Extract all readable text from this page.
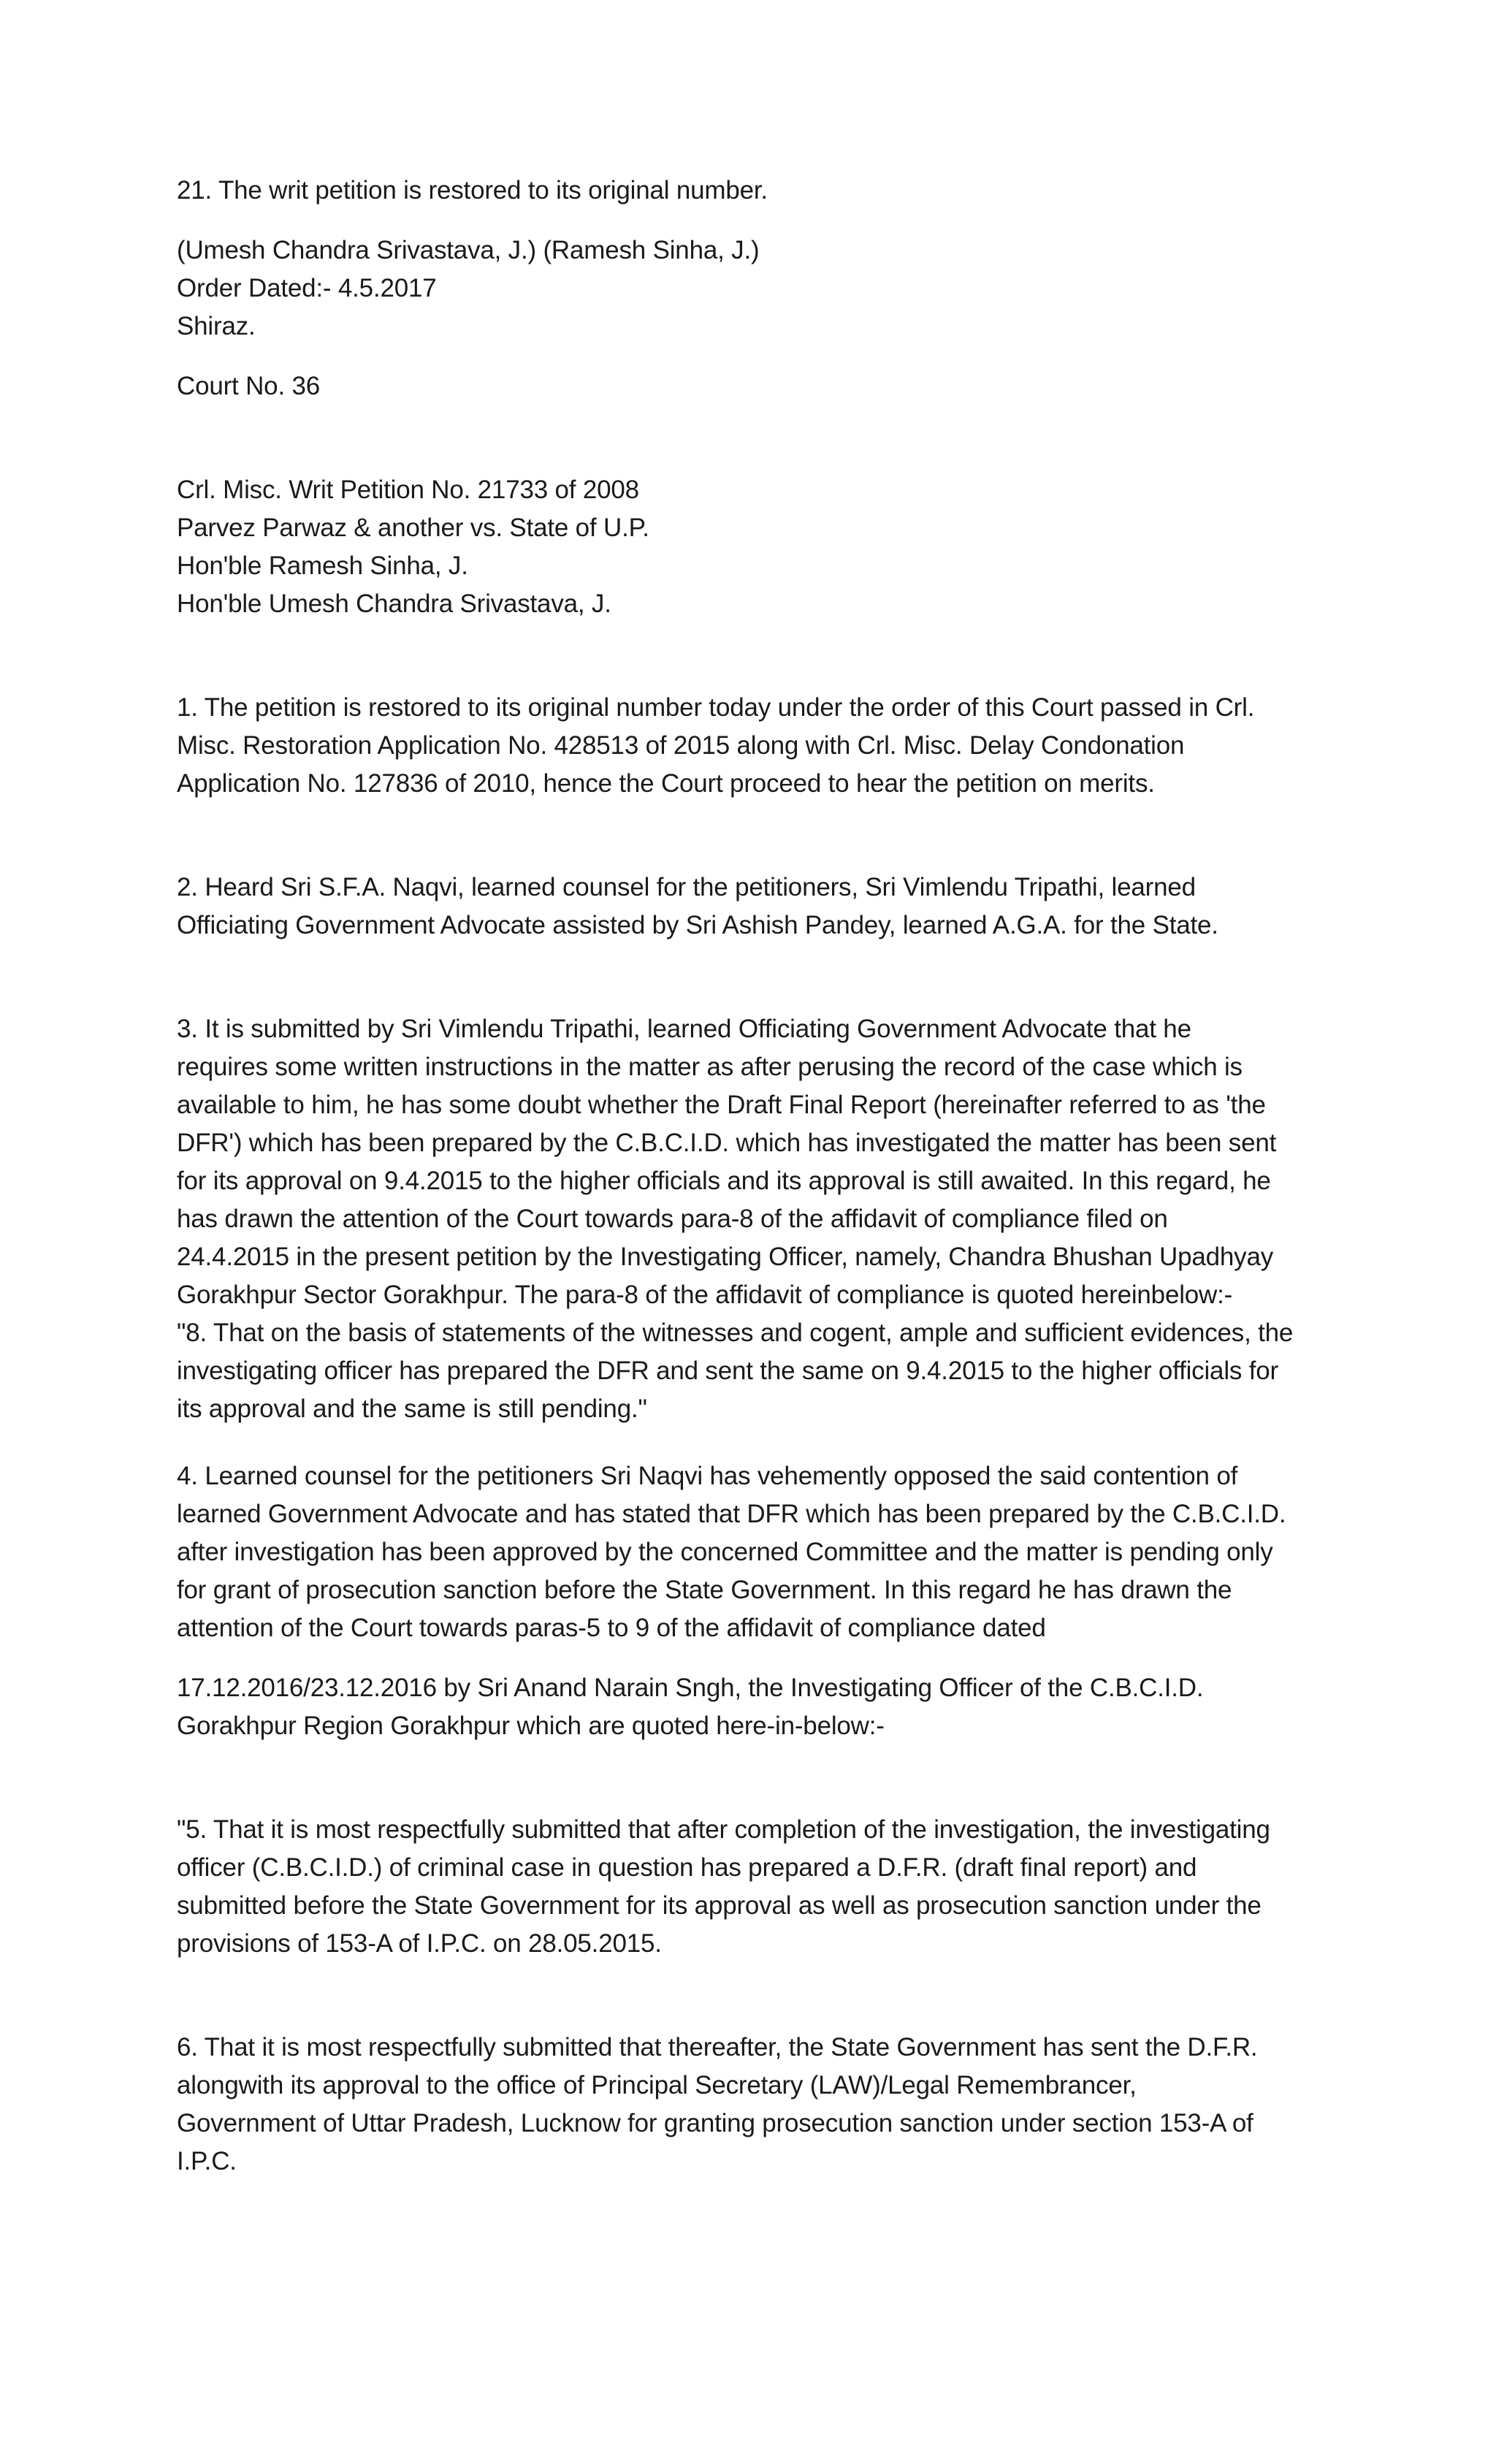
21. The writ petition is restored to its original number.

(Umesh Chandra Srivastava, J.) (Ramesh Sinha, J.)
Order Dated:- 4.5.2017
Shiraz.

Court No. 36

Crl. Misc. Writ Petition No. 21733 of 2008
Parvez Parwaz & another vs. State of U.P.
Hon'ble Ramesh Sinha, J.
Hon'ble Umesh Chandra Srivastava, J.

1. The petition is restored to its original number today under the order of this Court passed in Crl.
Misc. Restoration Application No. 428513 of 2015 along with Crl. Misc. Delay Condonation
Application No. 127836 of 2010, hence the Court proceed to hear the petition on merits.

2. Heard Sri S.F.A. Naqvi, learned counsel for the petitioners, Sri Vimlendu Tripathi, learned
Officiating Government Advocate assisted by Sri Ashish Pandey, learned A.G.A. for the State.

3. It is submitted by Sri Vimlendu Tripathi, learned Officiating Government Advocate that he
requires some written instructions in the matter as after perusing the record of the case which is
available to him, he has some doubt whether the Draft Final Report (hereinafter referred to as 'the
DFR') which has been prepared by the C.B.C.I.D. which has investigated the matter has been sent
for its approval on 9.4.2015 to the higher officials and its approval is still awaited. In this regard, he
has drawn the attention of the Court towards para-8 of the affidavit of compliance filed on
24.4.2015 in the present petition by the Investigating Officer, namely, Chandra Bhushan Upadhyay
Gorakhpur Sector Gorakhpur. The para-8 of the affidavit of compliance is quoted hereinbelow:-
"8. That on the basis of statements of the witnesses and cogent, ample and sufficient evidences, the
investigating officer has prepared the DFR and sent the same on 9.4.2015 to the higher officials for
its approval and the same is still pending."

4. Learned counsel for the petitioners Sri Naqvi has vehemently opposed the said contention of
learned Government Advocate and has stated that DFR which has been prepared by the C.B.C.I.D.
after investigation has been approved by the concerned Committee and the matter is pending only
for grant of prosecution sanction before the State Government. In this regard he has drawn the
attention of the Court towards paras-5 to 9 of the affidavit of compliance dated

17.12.2016/23.12.2016 by Sri Anand Narain Sngh, the Investigating Officer of the C.B.C.I.D.
Gorakhpur Region Gorakhpur which are quoted here-in-below:-

"5. That it is most respectfully submitted that after completion of the investigation, the investigating
officer (C.B.C.I.D.) of criminal case in question has prepared a D.F.R. (draft final report) and
submitted before the State Government for its approval as well as prosecution sanction under the
provisions of 153-A of I.P.C. on 28.05.2015.

6. That it is most respectfully submitted that thereafter, the State Government has sent the D.F.R.
alongwith its approval to the office of Principal Secretary (LAW)/Legal Remembrancer,
Government of Uttar Pradesh, Lucknow for granting prosecution sanction under section 153-A of
I.P.C.
